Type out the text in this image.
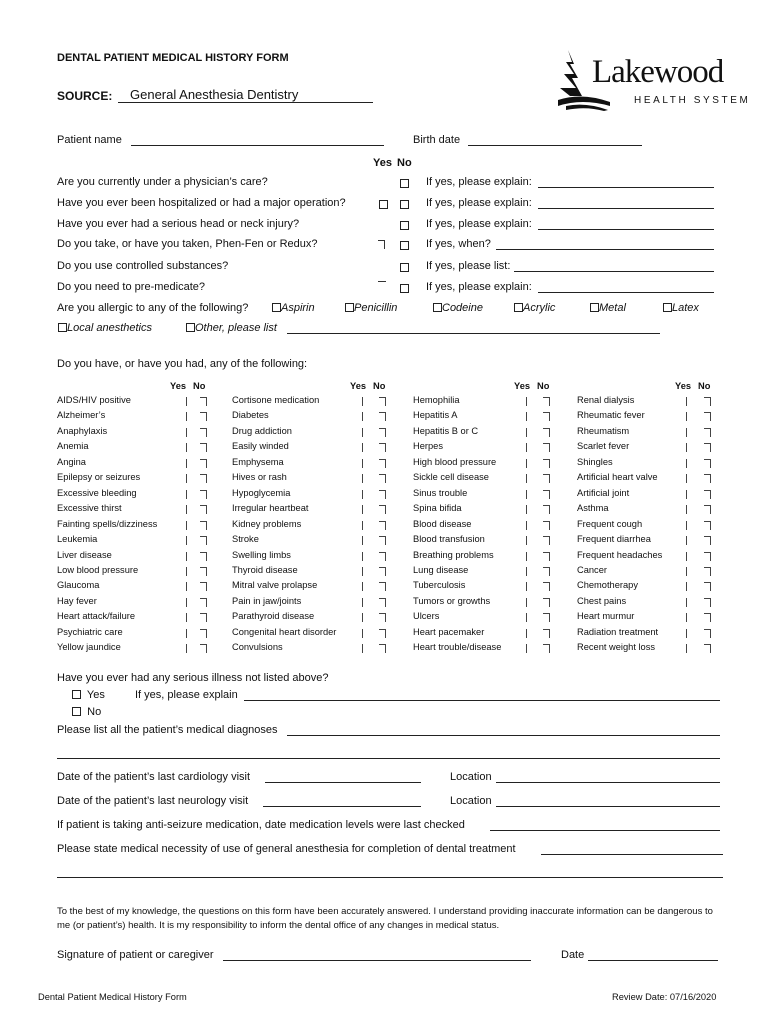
DENTAL PATIENT MEDICAL HISTORY FORM
SOURCE:	General Anesthesia Dentistry
Lakewood
HEALTH SYSTEM
Patient name	Birth date
Yes No
Are you currently under a physician’s care?	If yes, please explain:
Have you ever been hospitalized or had a major operation?	If yes, please explain:
Have you ever had a serious head or neck injury?	If yes, please explain:
Do you take, or have you taken, Phen-Fen or Redux?	If yes, when?
Do you use controlled substances?	If yes, please list:
Do you need to pre-medicate?	If yes, please explain:
Are you allergic to any of the following?	Aspirin	Penicillin	Codeine	Acrylic	Metal	Latex
Local anesthetics	Other, please list
Do you have, or have you had, any of the following:
Yes No
AIDS/HIV positive
Alzheimer’s
Anaphylaxis
Anemia
Angina
Epilepsy or seizures
Excessive bleeding
Excessive thirst
Fainting spells/dizziness
Leukemia
Liver disease
Low blood pressure
Glaucoma
Hay fever
Heart attack/failure
Psychiatric care
Yellow jaundice
Yes No
Cortisone medication
Diabetes
Drug addiction
Easily winded
Emphysema
Hives or rash
Hypoglycemia
Irregular heartbeat
Kidney problems
Stroke
Swelling limbs
Thyroid disease
Mitral valve prolapse
Pain in jaw/joints
Parathyroid disease
Congenital heart disorder
Convulsions
Yes No
Hemophilia
Hepatitis A
Hepatitis B or C
Herpes
High blood pressure
Sickle cell disease
Sinus trouble
Spina bifida
Blood disease
Blood transfusion
Breathing problems
Lung disease
Tuberculosis
Tumors or growths
Ulcers
Heart pacemaker
Heart trouble/disease
Yes No
Renal dialysis
Rheumatic fever
Rheumatism
Scarlet fever
Shingles
Artificial heart valve
Artificial joint
Asthma
Frequent cough
Frequent diarrhea
Frequent headaches
Cancer
Chemotherapy
Chest pains
Heart murmur
Radiation treatment
Recent weight loss
Have you ever had any serious illness not listed above?
Yes	If yes, please explain
No
Please list all the patient’s medical diagnoses
Date of the patient’s last cardiology visit	Location
Date of the patient’s last neurology visit	Location
If patient is taking anti-seizure medication, date medication levels were last checked
Please state medical necessity of use of general anesthesia for completion of dental treatment
To the best of my knowledge, the questions on this form have been accurately answered. I understand providing inaccurate information can be dangerous to me (or patient’s) health. It is my responsibility to inform the dental office of any changes in medical status.
Signature of patient or caregiver	Date
Dental Patient Medical History Form	Review Date: 07/16/2020
